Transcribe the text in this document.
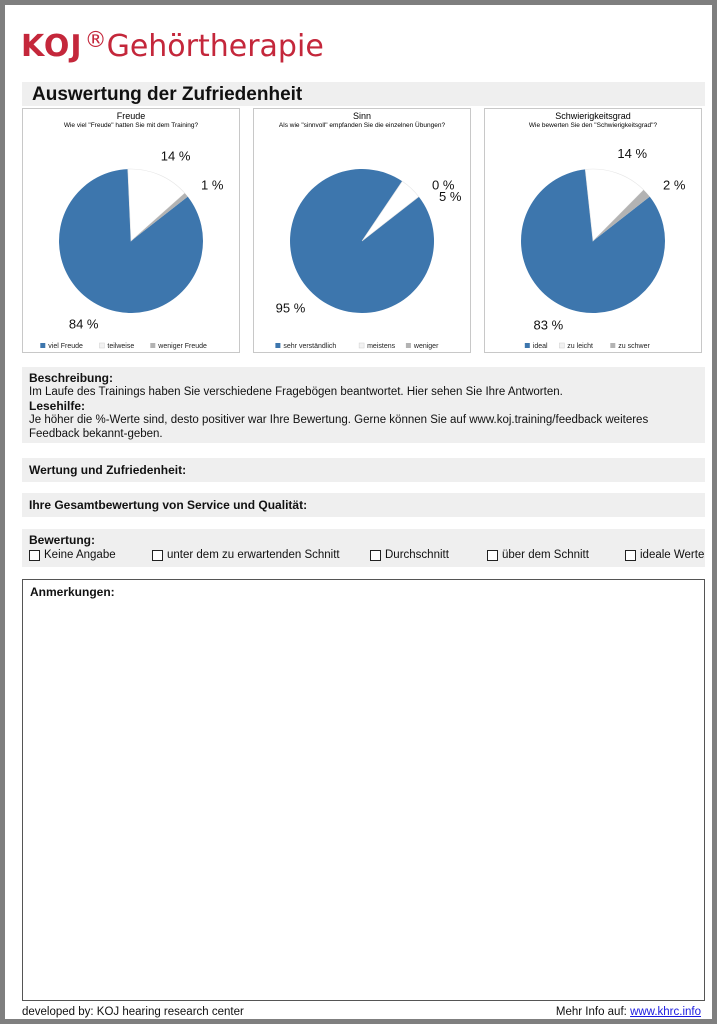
KOJ®Gehörtherapie
Auswertung der Zufriedenheit
Freude
Wie viel "Freude" hatten Sie mit dem Training?
84 %
14 %
1 %
viel Freude	teilweise	weniger Freude
Sinn
Als wie "sinnvoll" empfanden Sie die einzelnen Übungen?
95 %
5 %
0 %
sehr verständlich	meistens	weniger
Schwierigkeitsgrad
Wie bewerten Sie den "Schwierigkeitsgrad"?
83 %
14 %
2 %
ideal	zu leicht	zu schwer
Beschreibung:
Im Laufe des Trainings haben Sie verschiedene Fragebögen beantwortet. Hier sehen Sie Ihre Antworten.
Lesehilfe:
Je höher die %-Werte sind, desto positiver war Ihre Bewertung. Gerne können Sie auf www.koj.training/feedback weiteres Feedback bekannt-geben.
Wertung und Zufriedenheit:
Ihre Gesamtbewertung von Service und Qualität:
Bewertung:
Keine Angabe	unter dem zu erwartenden Schnitt	Durchschnitt	über dem Schnitt	ideale Werte
Anmerkungen:
developed by: KOJ hearing research center	Mehr Info auf: www.khrc.info
